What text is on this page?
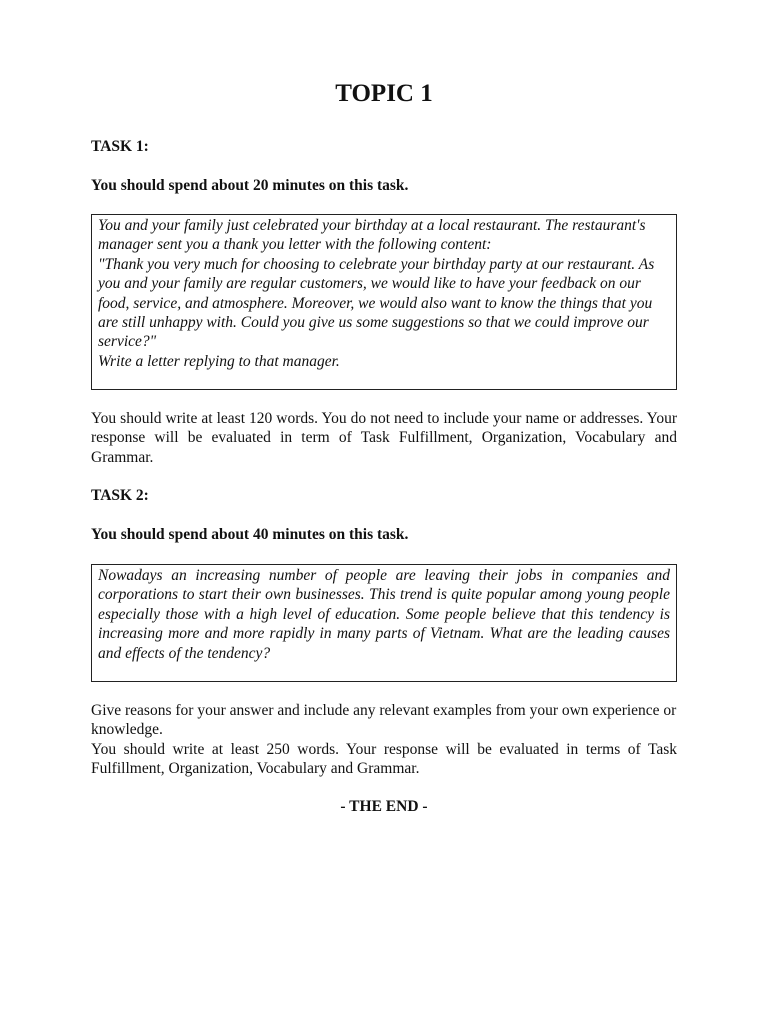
TOPIC 1
TASK 1:
You should spend about 20 minutes on this task.

You and your family just celebrated your birthday at a local restaurant. The restaurant's manager sent you a thank you letter with the following content:

"Thank you very much for choosing to celebrate your birthday party at our restaurant. As you and your family are regular customers, we would like to have your feedback on our food, service, and atmosphere. Moreover, we would also want to know the things that you are still unhappy with. Could you give us some suggestions so that we could improve our service?"

Write a letter replying to that manager.

You should write at least 120 words. You do not need to include your name or addresses. Your response will be evaluated in term of Task Fulfillment, Organization, Vocabulary and Grammar.

TASK 2:
You should spend about 40 minutes on this task.

Nowadays an increasing number of people are leaving their jobs in companies and corporations to start their own businesses. This trend is quite popular among young people especially those with a high level of education. Some people believe that this tendency is increasing more and more rapidly in many parts of Vietnam. What are the leading causes and effects of the tendency?

Give reasons for your answer and include any relevant examples from your own experience or knowledge.

You should write at least 250 words. Your response will be evaluated in terms of Task Fulfillment, Organization, Vocabulary and Grammar.

- THE END -
